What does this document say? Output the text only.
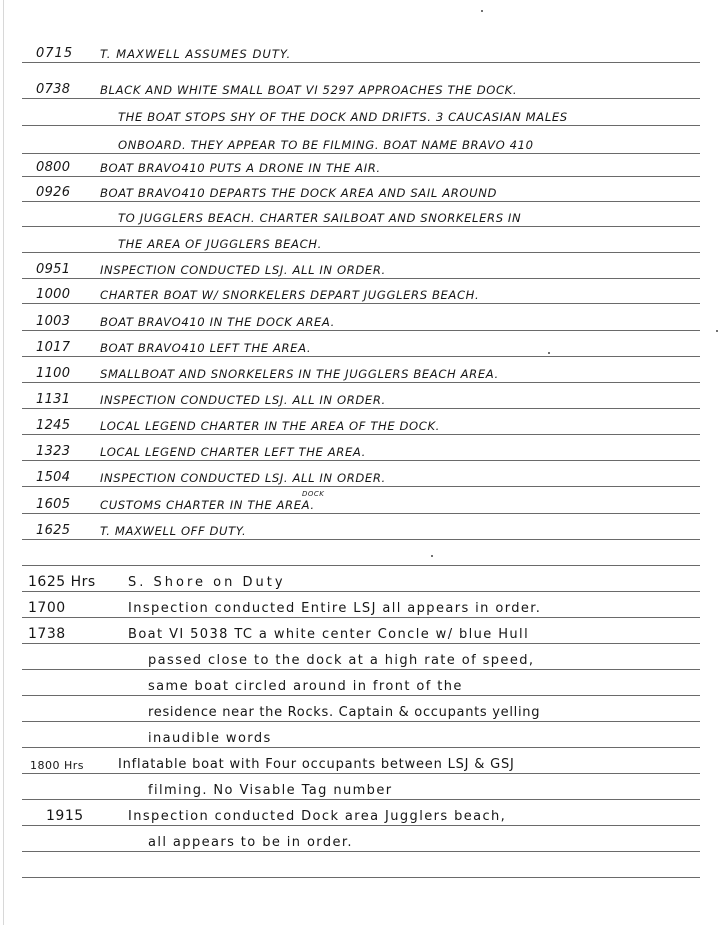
0715 T. MAXWELL ASSUMES DUTY.
0738	BLACK AND WHITE SMALL BOAT VI 5297 APPROACHES THE DOCK.
THE BOAT STOPS SHY OF THE DOCK AND DRIFTS. 3 CAUCASIAN MALES
ONBOARD. THEY APPEAR TO BE FILMING. BOAT NAME BRAVO 410
0800	BOAT BRAVO410 PUTS A DRONE IN THE AIR.
0926	BOAT BRAVO410 DEPARTS THE DOCK AREA AND SAIL AROUND
TO JUGGLERS BEACH. CHARTER SAILBOAT AND SNORKELERS IN
THE AREA OF JUGGLERS BEACH.
0951	INSPECTION CONDUCTED LSJ. ALL IN ORDER.
1000	CHARTER BOAT W/ SNORKELERS DEPART JUGGLERS BEACH.
1003	BOAT BRAVO410 IN THE DOCK AREA.
1017	BOAT BRAVO410 LEFT THE AREA.
1100	SMALLBOAT AND SNORKELERS IN THE JUGGLERS BEACH AREA.
1131	INSPECTION CONDUCTED LSJ. ALL IN ORDER.
1245	LOCAL LEGEND CHARTER IN THE AREA OF THE DOCK.
1323	LOCAL LEGEND CHARTER LEFT THE AREA.
1504	INSPECTION CONDUCTED LSJ. ALL IN ORDER.
1605	CUSTOMS CHARTER IN THE AREA.
DOCK
1625	T. MAXWELL OFF DUTY.
1625 Hrs S. Shore on Duty
1700	Inspection conducted Entire LSJ all appears in order.
1738	Boat VI 5038 TC a white center Concle w/ blue Hull
passed close to the dock at a high rate of speed,
same boat circled around in front of the
residence near the Rocks. Captain & occupants yelling
inaudible words
1800 Hrs	Inflatable boat with Four occupants between LSJ & GSJ
filming. No Visable Tag number
1915	Inspection conducted Dock area Jugglers beach,
all appears to be in order.
